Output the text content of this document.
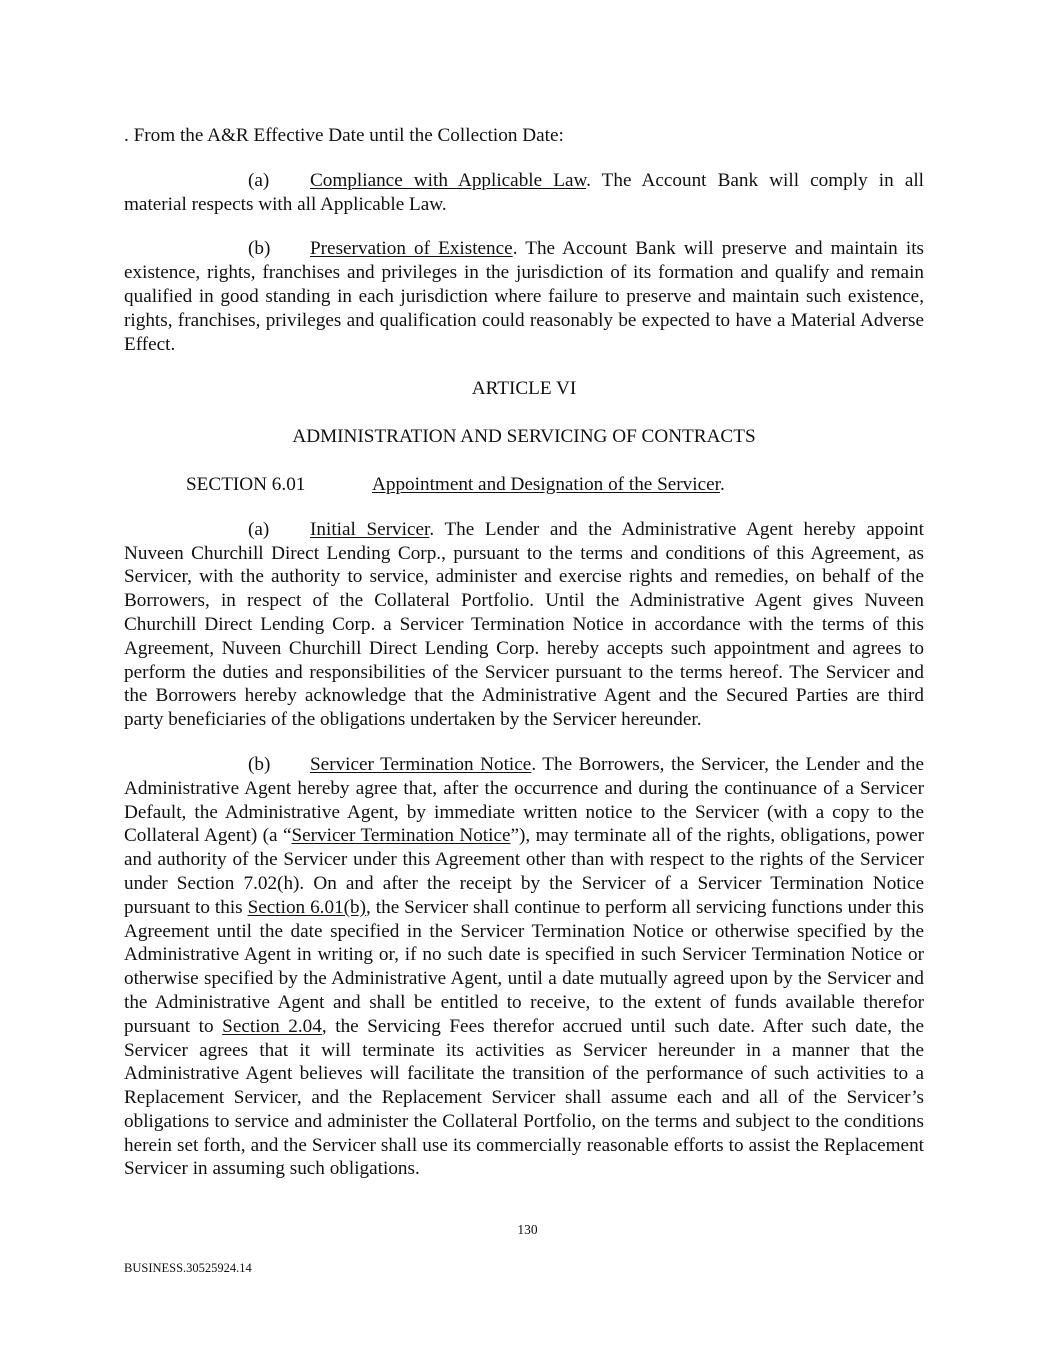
. From the A&R Effective Date until the Collection Date:

(a) Compliance with Applicable Law. The Account Bank will comply in all material respects with all Applicable Law.

(b) Preservation of Existence. The Account Bank will preserve and maintain its existence, rights, franchises and privileges in the jurisdiction of its formation and qualify and remain qualified in good standing in each jurisdiction where failure to preserve and maintain such existence, rights, franchises, privileges and qualification could reasonably be expected to have a Material Adverse Effect.

ARTICLE VI

ADMINISTRATION AND SERVICING OF CONTRACTS

SECTION 6.01	Appointment and Designation of the Servicer.

(a) Initial Servicer. The Lender and the Administrative Agent hereby appoint Nuveen Churchill Direct Lending Corp., pursuant to the terms and conditions of this Agreement, as Servicer, with the authority to service, administer and exercise rights and remedies, on behalf of the Borrowers, in respect of the Collateral Portfolio. Until the Administrative Agent gives Nuveen Churchill Direct Lending Corp. a Servicer Termination Notice in accordance with the terms of this Agreement, Nuveen Churchill Direct Lending Corp. hereby accepts such appointment and agrees to perform the duties and responsibilities of the Servicer pursuant to the terms hereof. The Servicer and the Borrowers hereby acknowledge that the Administrative Agent and the Secured Parties are third party beneficiaries of the obligations undertaken by the Servicer hereunder.

(b) Servicer Termination Notice. The Borrowers, the Servicer, the Lender and the Administrative Agent hereby agree that, after the occurrence and during the continuance of a Servicer Default, the Administrative Agent, by immediate written notice to the Servicer (with a copy to the Collateral Agent) (a “Servicer Termination Notice”), may terminate all of the rights, obligations, power and authority of the Servicer under this Agreement other than with respect to the rights of the Servicer under Section 7.02(h). On and after the receipt by the Servicer of a Servicer Termination Notice pursuant to this Section 6.01(b), the Servicer shall continue to perform all servicing functions under this Agreement until the date specified in the Servicer Termination Notice or otherwise specified by the Administrative Agent in writing or, if no such date is specified in such Servicer Termination Notice or otherwise specified by the Administrative Agent, until a date mutually agreed upon by the Servicer and the Administrative Agent and shall be entitled to receive, to the extent of funds available therefor pursuant to Section 2.04, the Servicing Fees therefor accrued until such date. After such date, the Servicer agrees that it will terminate its activities as Servicer hereunder in a manner that the Administrative Agent believes will facilitate the transition of the performance of such activities to a Replacement Servicer, and the Replacement Servicer shall assume each and all of the Servicer’s obligations to service and administer the Collateral Portfolio, on the terms and subject to the conditions herein set forth, and the Servicer shall use its commercially reasonable efforts to assist the Replacement Servicer in assuming such obligations.

130
BUSINESS.30525924.14
